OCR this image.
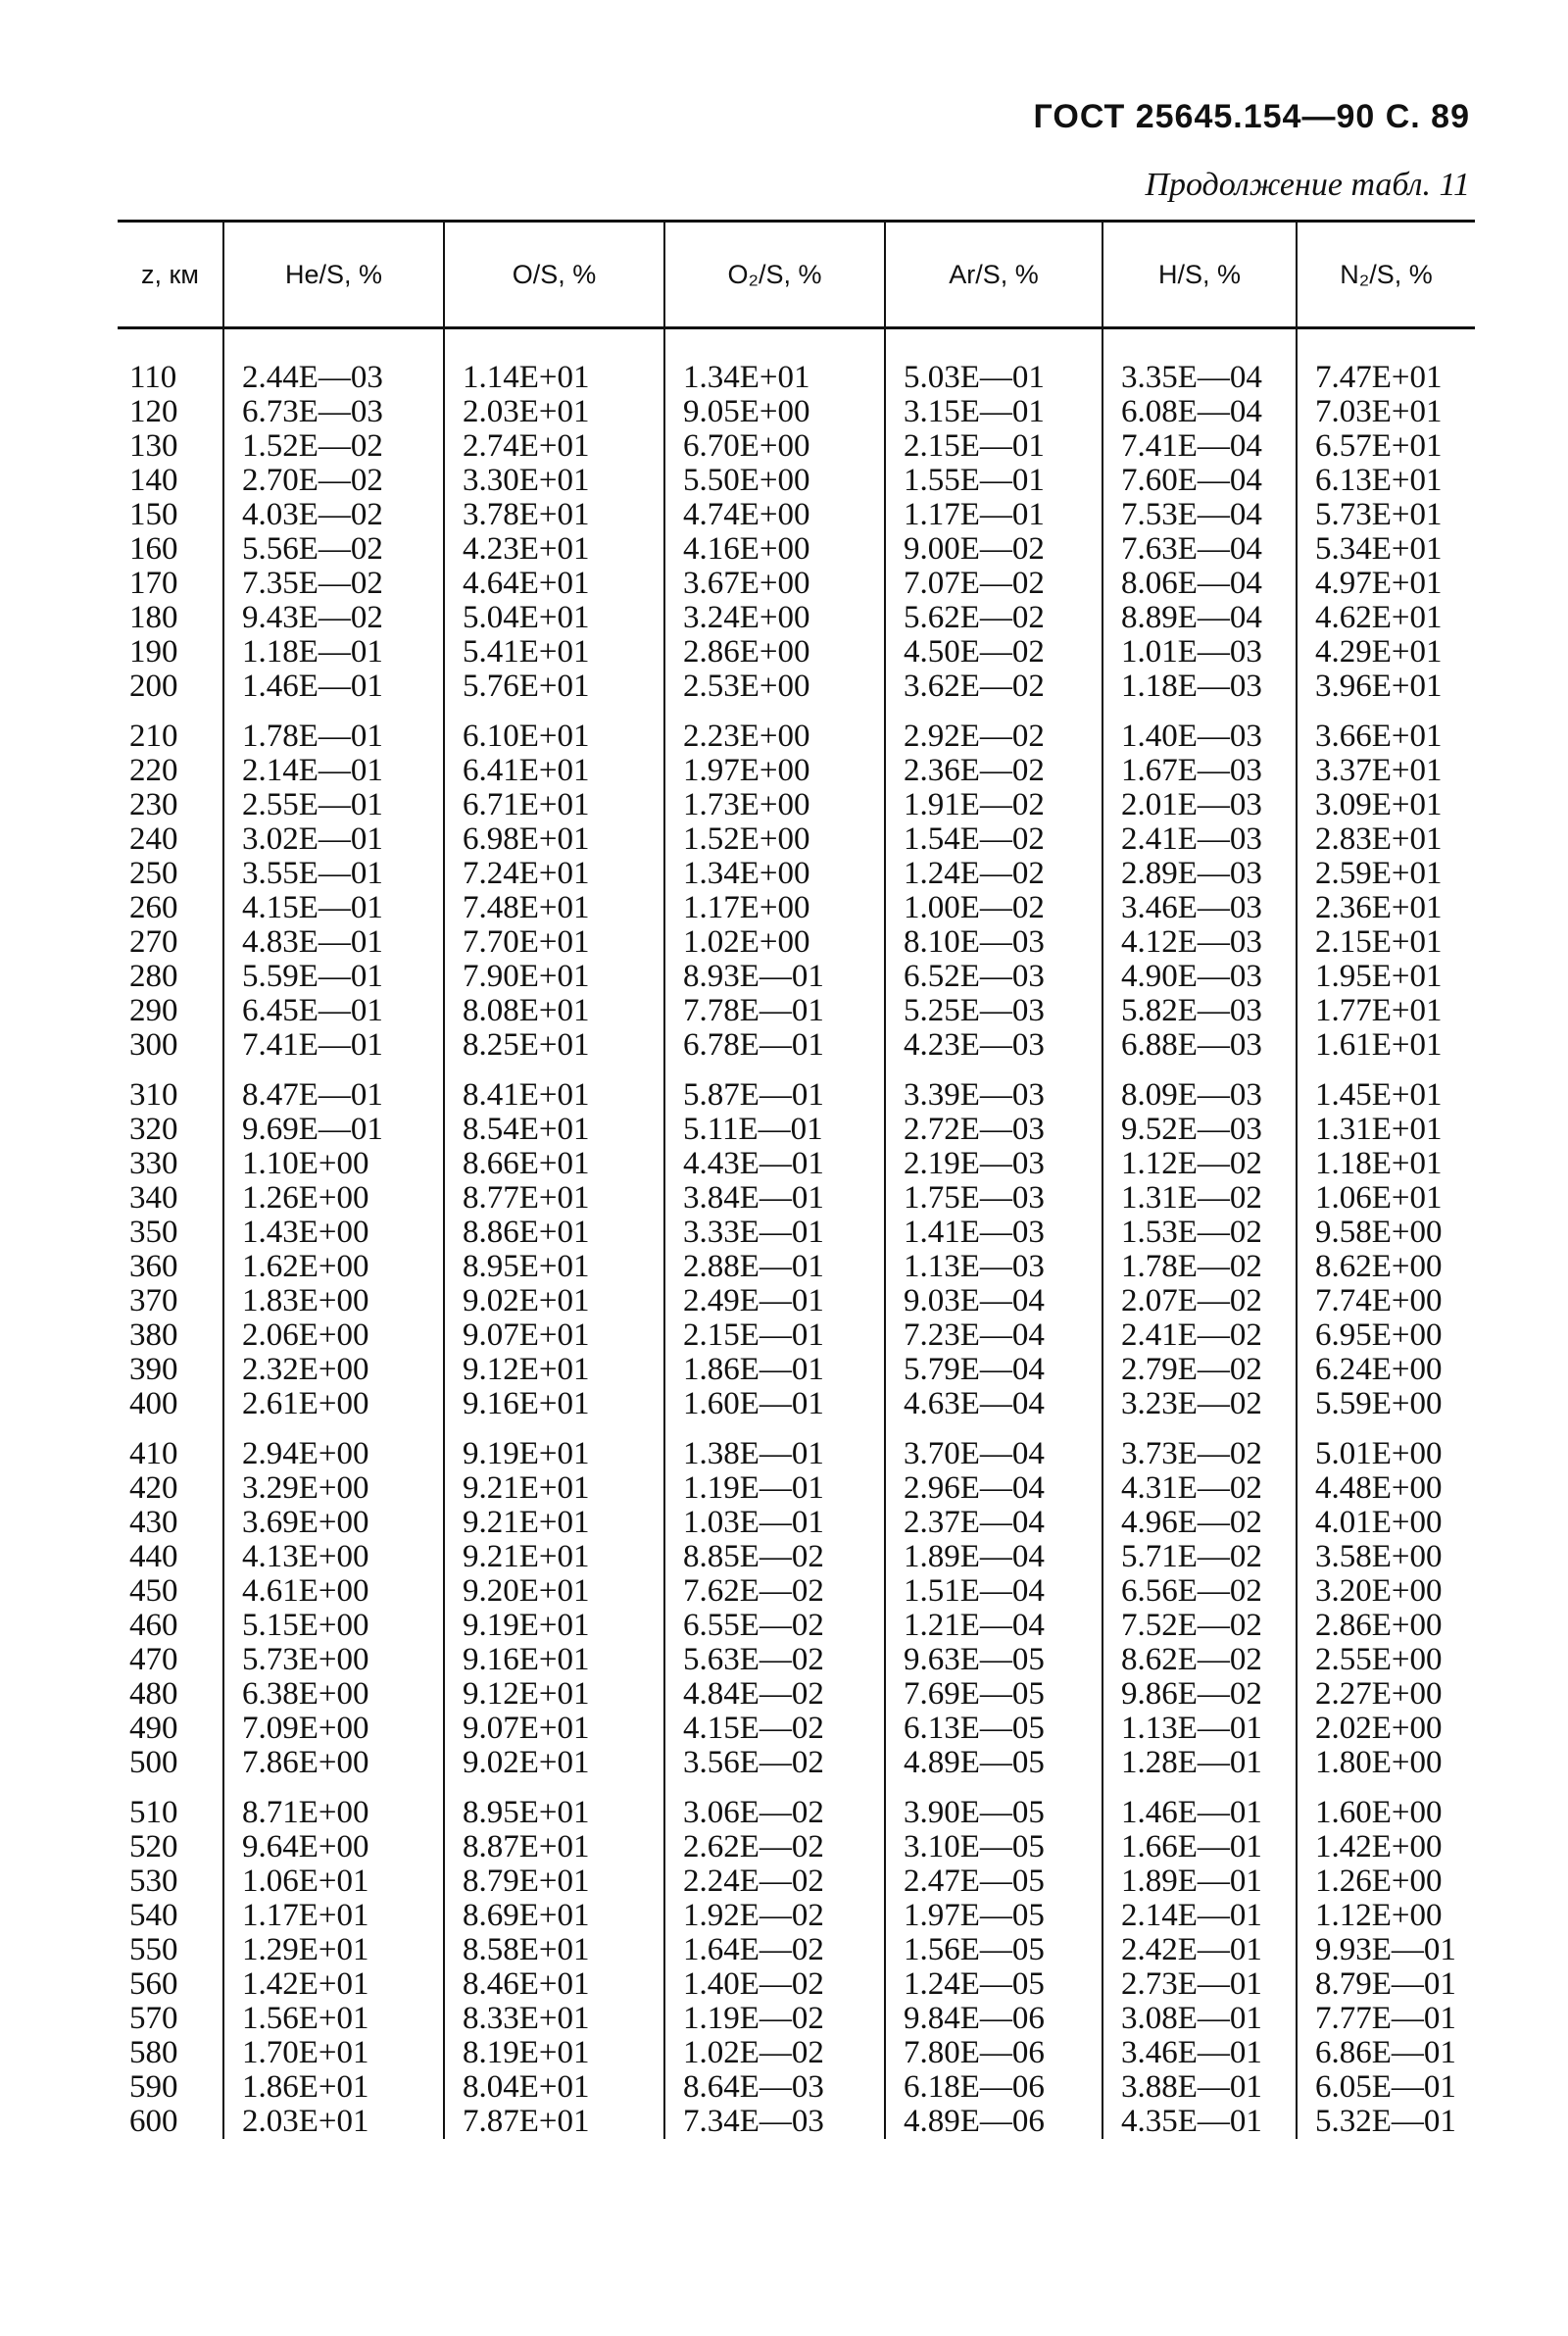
ГОСТ 25645.154—90 С. 89
Продолжение табл. 11
z, км	He/S, %	O/S, %	O₂/S, %	Ar/S, %	H/S, %	N₂/S, %

110	2.44E—03	1.14E+01	1.34E+01	5.03E—01	3.35E—04	7.47E+01
120	6.73E—03	2.03E+01	9.05E+00	3.15E—01	6.08E—04	7.03E+01
130	1.52E—02	2.74E+01	6.70E+00	2.15E—01	7.41E—04	6.57E+01
140	2.70E—02	3.30E+01	5.50E+00	1.55E—01	7.60E—04	6.13E+01
150	4.03E—02	3.78E+01	4.74E+00	1.17E—01	7.53E—04	5.73E+01
160	5.56E—02	4.23E+01	4.16E+00	9.00E—02	7.63E—04	5.34E+01
170	7.35E—02	4.64E+01	3.67E+00	7.07E—02	8.06E—04	4.97E+01
180	9.43E—02	5.04E+01	3.24E+00	5.62E—02	8.89E—04	4.62E+01
190	1.18E—01	5.41E+01	2.86E+00	4.50E—02	1.01E—03	4.29E+01
200	1.46E—01	5.76E+01	2.53E+00	3.62E—02	1.18E—03	3.96E+01

210	1.78E—01	6.10E+01	2.23E+00	2.92E—02	1.40E—03	3.66E+01
220	2.14E—01	6.41E+01	1.97E+00	2.36E—02	1.67E—03	3.37E+01
230	2.55E—01	6.71E+01	1.73E+00	1.91E—02	2.01E—03	3.09E+01
240	3.02E—01	6.98E+01	1.52E+00	1.54E—02	2.41E—03	2.83E+01
250	3.55E—01	7.24E+01	1.34E+00	1.24E—02	2.89E—03	2.59E+01
260	4.15E—01	7.48E+01	1.17E+00	1.00E—02	3.46E—03	2.36E+01
270	4.83E—01	7.70E+01	1.02E+00	8.10E—03	4.12E—03	2.15E+01
280	5.59E—01	7.90E+01	8.93E—01	6.52E—03	4.90E—03	1.95E+01
290	6.45E—01	8.08E+01	7.78E—01	5.25E—03	5.82E—03	1.77E+01
300	7.41E—01	8.25E+01	6.78E—01	4.23E—03	6.88E—03	1.61E+01

310	8.47E—01	8.41E+01	5.87E—01	3.39E—03	8.09E—03	1.45E+01
320	9.69E—01	8.54E+01	5.11E—01	2.72E—03	9.52E—03	1.31E+01
330	1.10E+00	8.66E+01	4.43E—01	2.19E—03	1.12E—02	1.18E+01
340	1.26E+00	8.77E+01	3.84E—01	1.75E—03	1.31E—02	1.06E+01
350	1.43E+00	8.86E+01	3.33E—01	1.41E—03	1.53E—02	9.58E+00
360	1.62E+00	8.95E+01	2.88E—01	1.13E—03	1.78E—02	8.62E+00
370	1.83E+00	9.02E+01	2.49E—01	9.03E—04	2.07E—02	7.74E+00
380	2.06E+00	9.07E+01	2.15E—01	7.23E—04	2.41E—02	6.95E+00
390	2.32E+00	9.12E+01	1.86E—01	5.79E—04	2.79E—02	6.24E+00
400	2.61E+00	9.16E+01	1.60E—01	4.63E—04	3.23E—02	5.59E+00

410	2.94E+00	9.19E+01	1.38E—01	3.70E—04	3.73E—02	5.01E+00
420	3.29E+00	9.21E+01	1.19E—01	2.96E—04	4.31E—02	4.48E+00
430	3.69E+00	9.21E+01	1.03E—01	2.37E—04	4.96E—02	4.01E+00
440	4.13E+00	9.21E+01	8.85E—02	1.89E—04	5.71E—02	3.58E+00
450	4.61E+00	9.20E+01	7.62E—02	1.51E—04	6.56E—02	3.20E+00
460	5.15E+00	9.19E+01	6.55E—02	1.21E—04	7.52E—02	2.86E+00
470	5.73E+00	9.16E+01	5.63E—02	9.63E—05	8.62E—02	2.55E+00
480	6.38E+00	9.12E+01	4.84E—02	7.69E—05	9.86E—02	2.27E+00
490	7.09E+00	9.07E+01	4.15E—02	6.13E—05	1.13E—01	2.02E+00
500	7.86E+00	9.02E+01	3.56E—02	4.89E—05	1.28E—01	1.80E+00

510	8.71E+00	8.95E+01	3.06E—02	3.90E—05	1.46E—01	1.60E+00
520	9.64E+00	8.87E+01	2.62E—02	3.10E—05	1.66E—01	1.42E+00
530	1.06E+01	8.79E+01	2.24E—02	2.47E—05	1.89E—01	1.26E+00
540	1.17E+01	8.69E+01	1.92E—02	1.97E—05	2.14E—01	1.12E+00
550	1.29E+01	8.58E+01	1.64E—02	1.56E—05	2.42E—01	9.93E—01
560	1.42E+01	8.46E+01	1.40E—02	1.24E—05	2.73E—01	8.79E—01
570	1.56E+01	8.33E+01	1.19E—02	9.84E—06	3.08E—01	7.77E—01
580	1.70E+01	8.19E+01	1.02E—02	7.80E—06	3.46E—01	6.86E—01
590	1.86E+01	8.04E+01	8.64E—03	6.18E—06	3.88E—01	6.05E—01
600	2.03E+01	7.87E+01	7.34E—03	4.89E—06	4.35E—01	5.32E—01
